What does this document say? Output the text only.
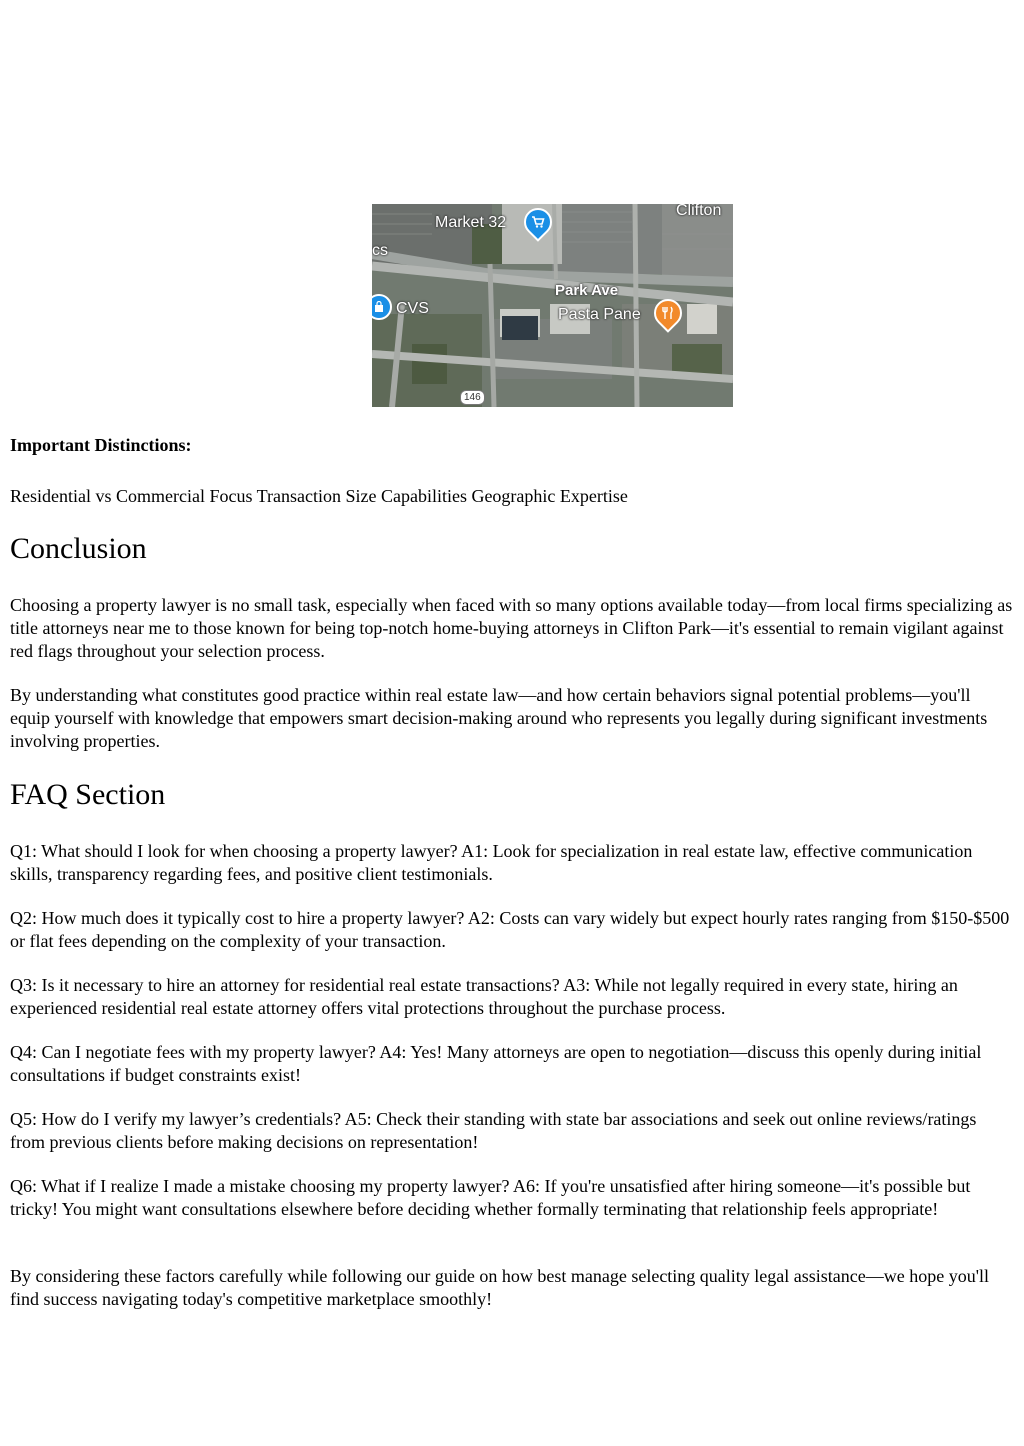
Market 32
Clifton
cs
Park Ave
CVS	Pasta Pane
146
Important Distinctions:
Residential vs Commercial Focus Transaction Size Capabilities Geographic Expertise
Conclusion

Choosing a property lawyer is no small task, especially when faced with so many options available today—from local firms specializing as title attorneys near me to those known for being top-notch home-buying attorneys in Clifton Park—it's essential to remain vigilant against red flags throughout your selection process.

By understanding what constitutes good practice within real estate law—and how certain behaviors signal potential problems—you'll equip yourself with knowledge that empowers smart decision-making around who represents you legally during significant investments involving properties.

FAQ Section

Q1: What should I look for when choosing a property lawyer? A1: Look for specialization in real estate law, effective communication skills, transparency regarding fees, and positive client testimonials.

Q2: How much does it typically cost to hire a property lawyer? A2: Costs can vary widely but expect hourly rates ranging from $150-$500 or flat fees depending on the complexity of your transaction.

Q3: Is it necessary to hire an attorney for residential real estate transactions? A3: While not legally required in every state, hiring an experienced residential real estate attorney offers vital protections throughout the purchase process.

Q4: Can I negotiate fees with my property lawyer? A4: Yes! Many attorneys are open to negotiation—discuss this openly during initial consultations if budget constraints exist!

Q5: How do I verify my lawyer’s credentials? A5: Check their standing with state bar associations and seek out online reviews/ratings from previous clients before making decisions on representation!

Q6: What if I realize I made a mistake choosing my property lawyer? A6: If you're unsatisfied after hiring someone—it's possible but tricky! You might want consultations elsewhere before deciding whether formally terminating that relationship feels appropriate!

By considering these factors carefully while following our guide on how best manage selecting quality legal assistance—we hope you'll find success navigating today's competitive marketplace smoothly!
